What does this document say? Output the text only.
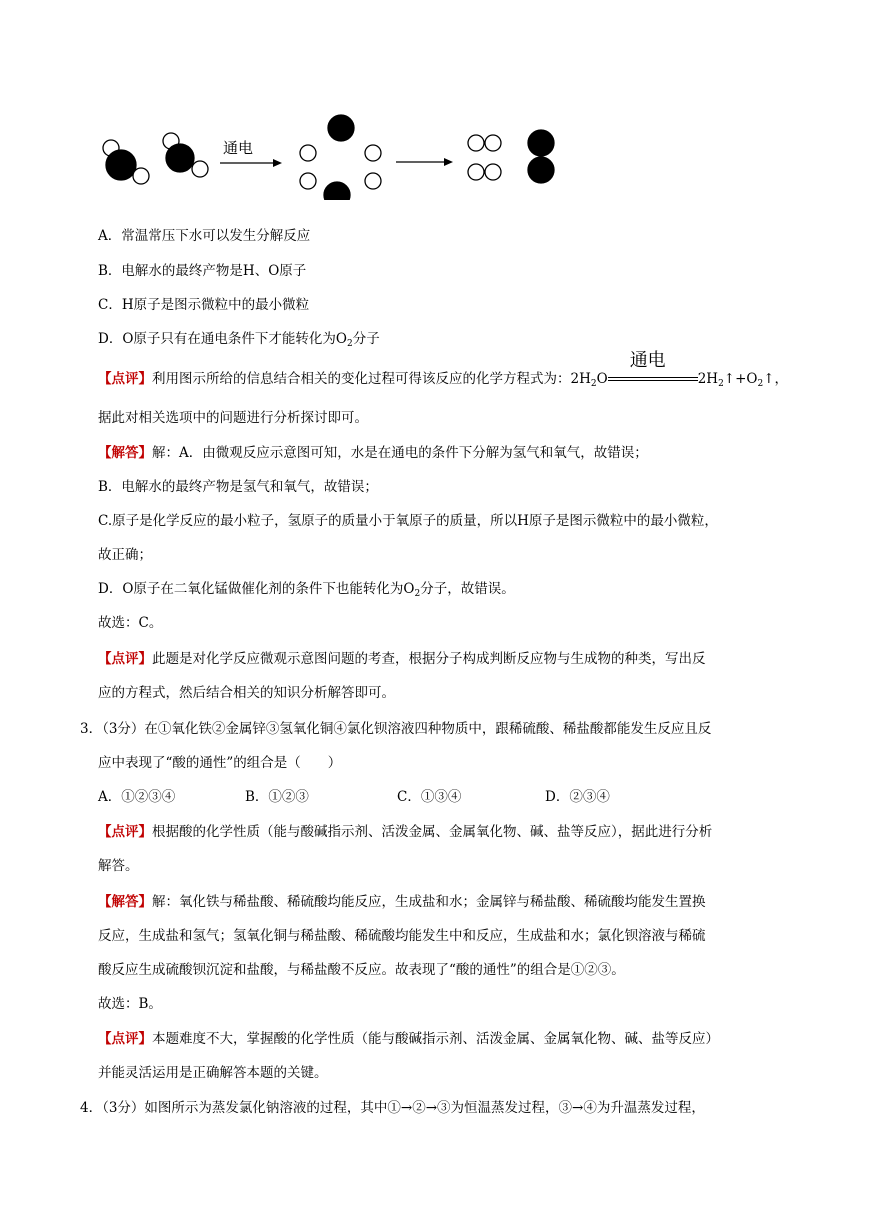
通电
A．常温常压下水可以发生分解反应
B．电解水的最终产物是H、O原子
C．H原子是图示微粒中的最小微粒
D．O原子只有在通电条件下才能转化为$O_2$分子
【点评】利用图示所给的信息结合相关的变化过程可得该反应的化学方程式为：$2H_2O$
通电
$2H_2↑+O_2↑$，
据此对相关选项中的问题进行分析探讨即可。
【解答】解：A．由微观反应示意图可知，水是在通电的条件下分解为氢气和氧气，故错误；
B．电解水的最终产物是氢气和氧气，故错误；
C.原子是化学反应的最小粒子，氢原子的质量小于氧原子的质量，所以H原子是图示微粒中的最小微粒，
故正确；
D．O原子在二氧化锰做催化剂的条件下也能转化为$O_2$分子，故错误。
故选：C。
【点评】此题是对化学反应微观示意图问题的考查，根据分子构成判断反应物与生成物的种类，写出反
应的方程式，然后结合相关的知识分析解答即可。
3．（3分）在①氧化铁②金属锌③氢氧化铜④氯化钡溶液四种物质中，跟稀硫酸、稀盐酸都能发生反应且反
应中表现了“酸的通性”的组合是（　　）
A．①②③④	B．①②③	C．①③④	D．②③④
【点评】根据酸的化学性质（能与酸碱指示剂、活泼金属、金属氧化物、碱、盐等反应），据此进行分析
解答。
【解答】解：氧化铁与稀盐酸、稀硫酸均能反应，生成盐和水；金属锌与稀盐酸、稀硫酸均能发生置换
反应，生成盐和氢气；氢氧化铜与稀盐酸、稀硫酸均能发生中和反应，生成盐和水；氯化钡溶液与稀硫
酸反应生成硫酸钡沉淀和盐酸，与稀盐酸不反应。故表现了“酸的通性”的组合是①②③。
故选：B。
【点评】本题难度不大，掌握酸的化学性质（能与酸碱指示剂、活泼金属、金属氧化物、碱、盐等反应）
并能灵活运用是正确解答本题的关键。
4．（3分）如图所示为蒸发氯化钠溶液的过程，其中①→②→③为恒温蒸发过程，③→④为升温蒸发过程，
